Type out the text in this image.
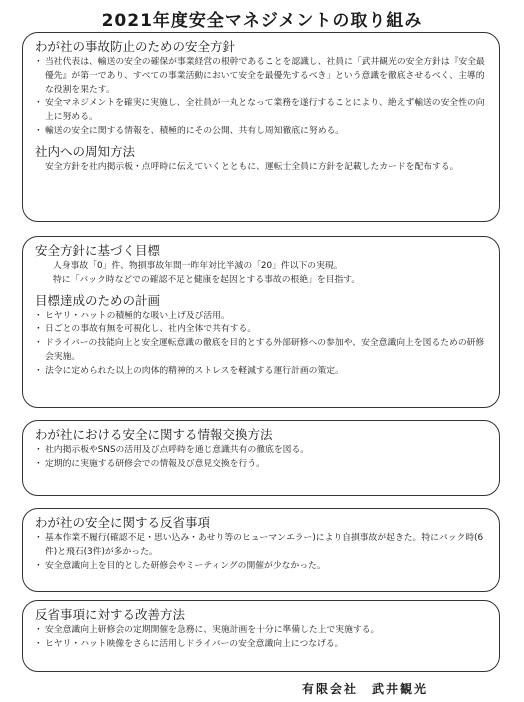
2021年度安全マネジメントの取り組み
わが社の事故防止のための安全方針
・ 当社代表は、輸送の安全の確保が事業経営の根幹であることを認識し、社員に「武井観光の安全方針は『安全最優先』が第一であり、すべての事業活動において安全を最優先するべき」という意識を徹底させるべく、主導的な役割を果たす。
・ 安全マネジメントを確実に実施し、全社員が一丸となって業務を遂行することにより、絶えず輸送の安全性の向上に努める。
・ 輸送の安全に関する情報を、積極的にその公開、共有し周知徹底に努める。
社内への周知方法

安全方針を社内掲示板・点呼時に伝えていくとともに、運転士全員に方針を記載したカードを配布する。

安全方針に基づく目標

人身事故「0」件、物損事故年間一昨年対比半減の「20」件以下の実現。

特に「バック時などでの確認不足と健康を起因とする事故の根絶」を目指す。

目標達成のための計画
・ ヒヤリ・ハットの積極的な吸い上げ及び活用。
・ 日ごとの事故有無を可視化し、社内全体で共有する。
・ ドライバーの技能向上と安全運転意識の徹底を目的とする外部研修への参加や、安全意識向上を図るための研修会実施。
・ 法令に定められた以上の肉体的精神的ストレスを軽減する運行計画の策定。
わが社における安全に関する情報交換方法
・ 社内掲示板やSNSの活用及び点呼時を通じ意識共有の徹底を図る。
・ 定期的に実施する研修会での情報及び意見交換を行う。
わが社の安全に関する反省事項
・ 基本作業不履行(確認不足・思い込み・あせり等のヒューマンエラー)により自損事故が起きた。特にバック時(6件)と飛石(3件)が多かった。
・ 安全意識向上を目的とした研修会やミーティングの開催が少なかった。
反省事項に対する改善方法
・ 安全意識向上研修会の定期開催を急務に、実施計画を十分に準備した上で実施する。
・ ヒヤリ・ハット映像をさらに活用しドライバーの安全意識向上につなげる。
有限会社　武井観光
